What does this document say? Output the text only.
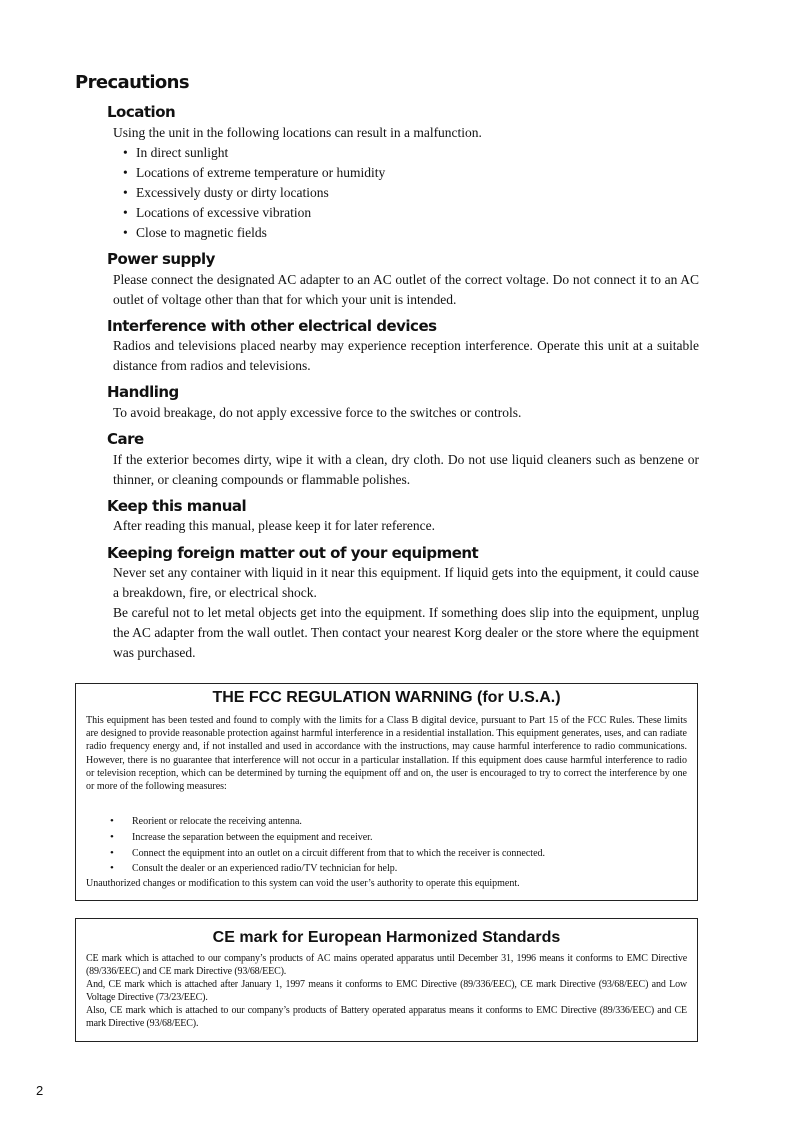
Precautions
Location

Using the unit in the following locations can result in a malfunction.

• In direct sunlight
• Locations of extreme temperature or humidity
• Excessively dusty or dirty locations
• Locations of excessive vibration
• Close to magnetic fields
Power supply

Please connect the designated AC adapter to an AC outlet of the correct voltage. Do not connect it to an AC outlet of voltage other than that for which your unit is intended.

Interference with other electrical devices

Radios and televisions placed nearby may experience reception interference. Operate this unit at a suitable distance from radios and televisions.

Handling

To avoid breakage, do not apply excessive force to the switches or controls.

Care

If the exterior becomes dirty, wipe it with a clean, dry cloth. Do not use liquid cleaners such as benzene or thinner, or cleaning compounds or flammable polishes.

Keep this manual

After reading this manual, please keep it for later reference.

Keeping foreign matter out of your equipment

Never set any container with liquid in it near this equipment. If liquid gets into the equipment, it could cause a breakdown, fire, or electrical shock.

Be careful not to let metal objects get into the equipment. If something does slip into the equipment, unplug the AC adapter from the wall outlet. Then contact your nearest Korg dealer or the store where the equipment was purchased.

THE FCC REGULATION WARNING (for U.S.A.)

This equipment has been tested and found to comply with the limits for a Class B digital device, pursuant to Part 15 of the FCC Rules. These limits are designed to provide reasonable protection against harmful interference in a residential installation. This equipment generates, uses, and can radiate radio frequency energy and, if not installed and used in accordance with the instructions, may cause harmful interference to radio communications. However, there is no guarantee that interference will not occur in a particular installation. If this equipment does cause harmful interference to radio or television reception, which can be determined by turning the equipment off and on, the user is encouraged to try to correct the interference by one or more of the following measures:

• Reorient or relocate the receiving antenna.
• Increase the separation between the equipment and receiver.
• Connect the equipment into an outlet on a circuit different from that to which the receiver is connected.
• Consult the dealer or an experienced radio/TV technician for help.

Unauthorized changes or modification to this system can void the user’s authority to operate this equipment.

CE mark for European Harmonized Standards

CE mark which is attached to our company’s products of AC mains operated apparatus until December 31, 1996 means it conforms to EMC Directive (89/336/EEC) and CE mark Directive (93/68/EEC).

And, CE mark which is attached after January 1, 1997 means it conforms to EMC Directive (89/336/EEC), CE mark Directive (93/68/EEC) and Low Voltage Directive (73/23/EEC).

Also, CE mark which is attached to our company’s products of Battery operated apparatus means it conforms to EMC Directive (89/336/EEC) and CE mark Directive (93/68/EEC).

2
